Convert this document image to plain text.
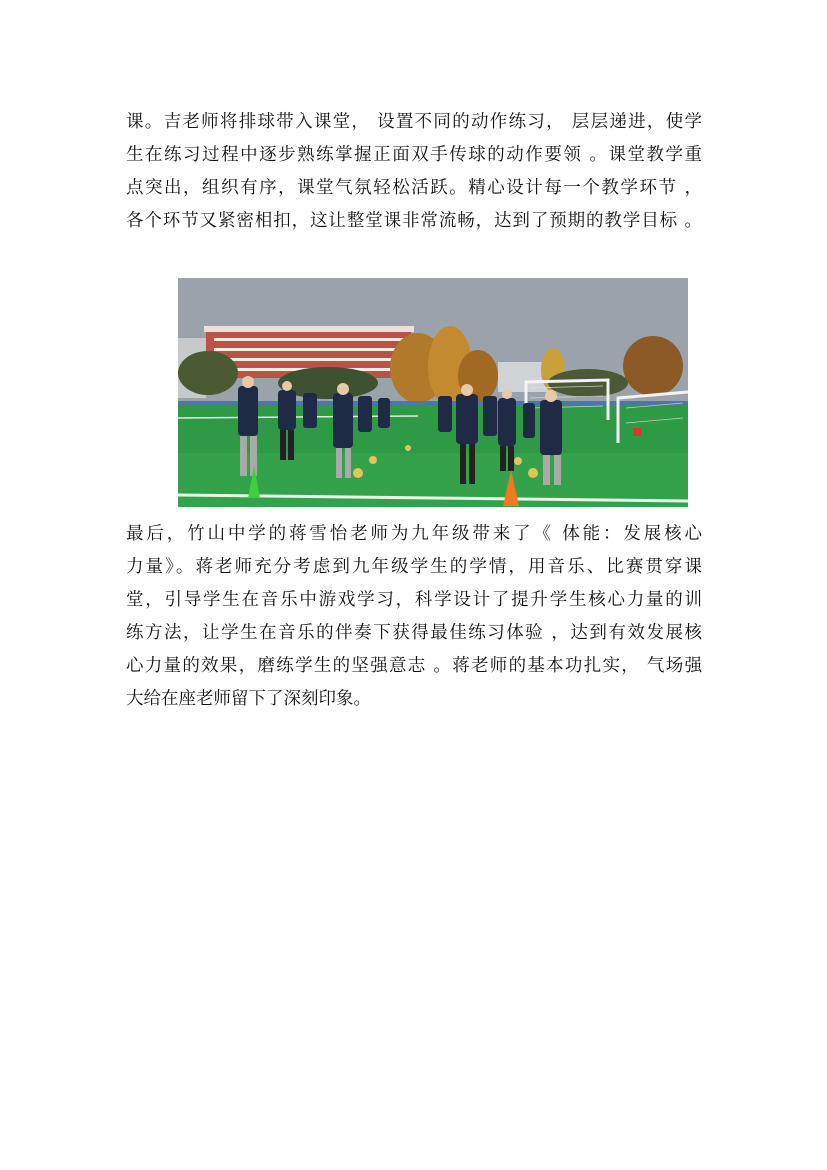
课。吉老师将排球带入课堂， 设置不同的动作练习， 层层递进，使学
生在练习过程中逐步熟练掌握正面双手传球的动作要领 。课堂教学重
点突出，组织有序，课堂气氛轻松活跃。精心设计每一个教学环节 ，
各个环节又紧密相扣，这让整堂课非常流畅，达到了预期的教学目标 。
最后，竹山中学的蒋雪怡老师为九年级带来了《 体能：发展核心
力量》。蒋老师充分考虑到九年级学生的学情，用音乐、比赛贯穿课
堂，引导学生在音乐中游戏学习，科学设计了提升学生核心力量的训
练方法，让学生在音乐的伴奏下获得最佳练习体验 ，达到有效发展核
心力量的效果，磨练学生的坚强意志 。蒋老师的基本功扎实， 气场强
大给在座老师留下了深刻印象。
